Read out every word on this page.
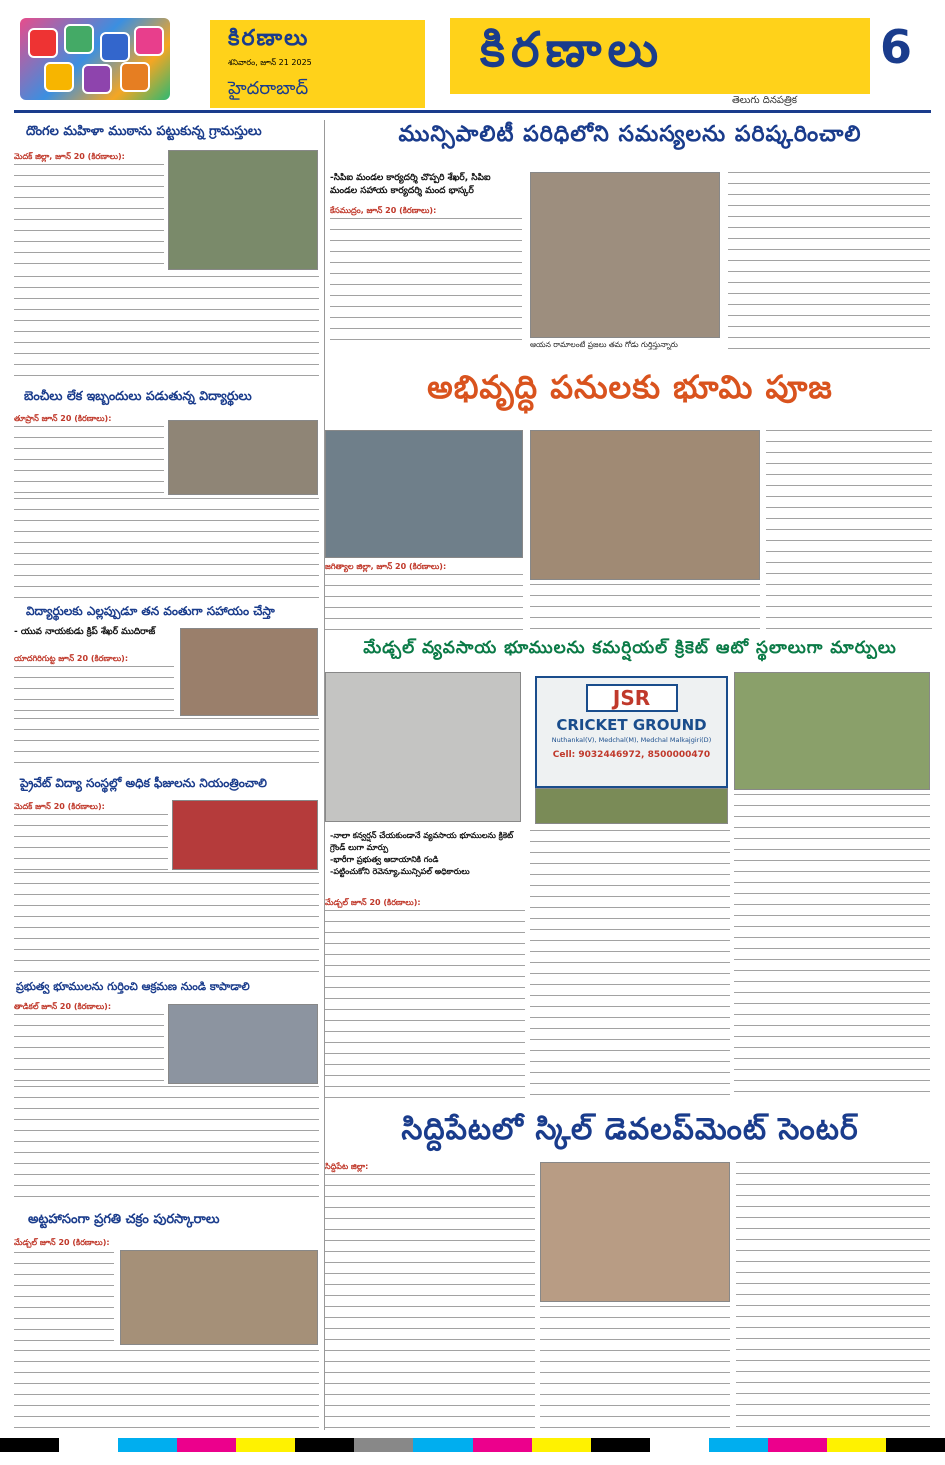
కిరణాలు
శనివారం, జూన్ 21 2025
హైదరాబాద్
కిరణాలు
తెలుగు దినపత్రిక
6
దొంగల మహిళా ముఠాను పట్టుకున్న గ్రామస్తులు
మెదక్ జిల్లా, జూన్ 20 (కిరణాలు):
బెంచీలు లేక ఇబ్బందులు పడుతున్న విద్యార్థులు
తూప్రాన్ జూన్ 20 (కిరణాలు):
విద్యార్థులకు ఎల్లప్పుడూ తన వంతుగా సహాయం చేస్తా
- యువ నాయకుడు క్రిప్ శేఖర్ ముదిరాజ్
యాదగిరిగుట్ట జూన్ 20 (కిరణాలు):
ప్రైవేట్ విద్యా సంస్థల్లో అధిక ఫీజులను నియంత్రించాలి
మెదక్ జూన్ 20 (కిరణాలు):
ప్రభుత్వ భూములను గుర్తించి ఆక్రమణ నుండి కాపాడాలి
తాడికల్ జూన్ 20 (కిరణాలు):
అట్టహాసంగా ప్రగతి చక్రం పురస్కారాలు
మేడ్చల్ జూన్ 20 (కిరణాలు):
మున్సిపాలిటీ పరిధిలోని సమస్యలను పరిష్కరించాలి
-సిపిఐ మండల కార్యదర్శి చొప్పరి శేఖర్, సిపిఐ మండల సహాయ కార్యదర్శి మంద భాస్కర్
కేసముద్రం, జూన్ 20 (కిరణాలు):
ఆయన రామాలంటే ప్రజలు తమ గోడు గుర్తిస్తున్నారు
అభివృద్ధి పనులకు భూమి పూజ
జగిత్యాల జిల్లా, జూన్ 20 (కిరణాలు):
మేడ్చల్ వ్యవసాయ భూములను కమర్షియల్ క్రికెట్ ఆటో స్థలాలుగా మార్పులు
JSR
CRICKET GROUND
Nuthankal(V), Medchal(M), Medchal Malkajgiri(D)
Cell: 9032446972, 8500000470
-నాలా కన్వర్షన్ చేయకుండానే వ్యవసాయ భూములను క్రికెట్ గ్రౌండ్ లుగా మార్పు
-భారీగా ప్రభుత్వ ఆదాయానికి గండి
-పట్టించుకోని రెవెన్యూ,మున్సిపల్ అధికారులు
మేడ్చల్ జూన్ 20 (కిరణాలు):
సిద్దిపేటలో స్కిల్ డెవలప్‌మెంట్ సెంటర్
సిద్దిపేట జిల్లా:
